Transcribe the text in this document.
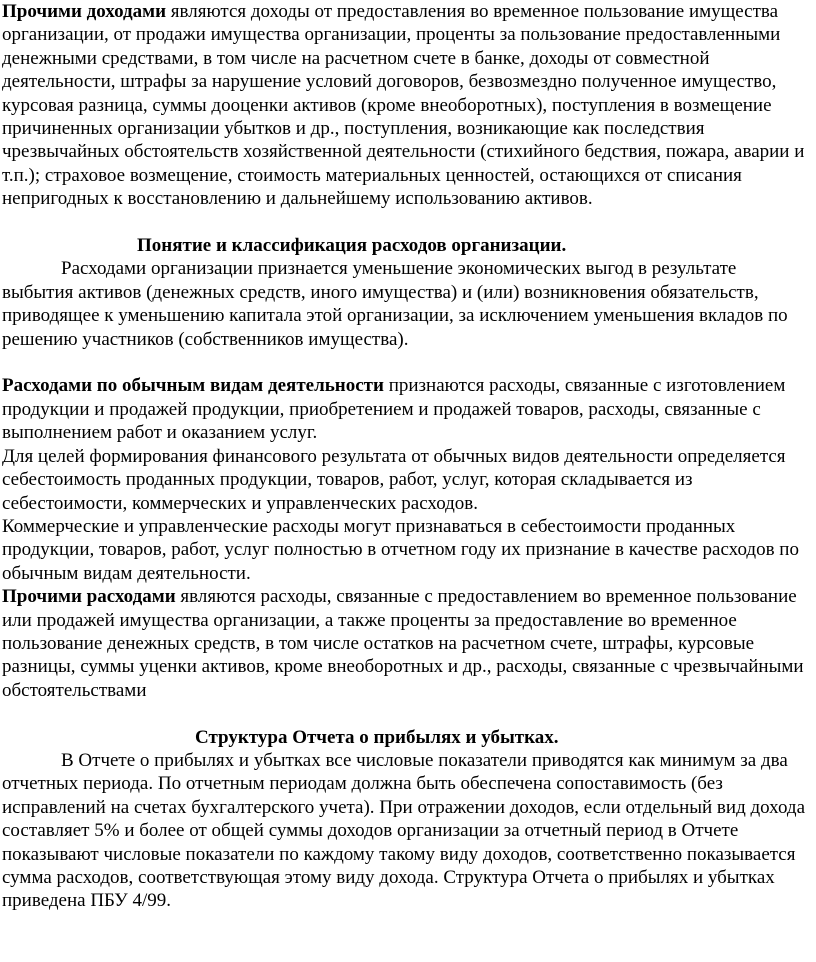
Прочими доходами являются доходы от предоставления во временное пользование имущества организации, от продажи имущества организации, проценты за пользование предоставленными денежными средствами, в том числе на расчетном счете в банке, доходы от совместной деятельности, штрафы за нарушение условий договоров, безвозмездно полученное имущество, курсовая разница, суммы дооценки активов (кроме внеоборотных), поступления в возмещение причиненных организации убытков и др., поступления, возникающие как последствия чрезвычайных обстоятельств хозяйственной деятельности (стихийного бедствия, пожара, аварии и т.п.); страховое возмещение, стоимость материальных ценностей, остающихся от списания непригодных к восстановлению и дальнейшему использованию активов.

Понятие и классификация расходов организации.

Расходами организации признается уменьшение экономических выгод в результате выбытия активов (денежных средств, иного имущества) и (или) возникновения обязательств, приводящее к уменьшению капитала этой организации, за исключением уменьшения вкладов по решению участников (собственников имущества).

Расходами по обычным видам деятельности признаются расходы, связанные с изготовлением продукции и продажей продукции, приобретением и продажей товаров, расходы, связанные с выполнением работ и оказанием услуг.

Для целей формирования финансового результата от обычных видов деятельности определяется себестоимость проданных продукции, товаров, работ, услуг, которая складывается из себестоимости, коммерческих и управленческих расходов.

Коммерческие и управленческие расходы могут признаваться в себестоимости проданных продукции, товаров, работ, услуг полностью в отчетном году их признание в качестве расходов по обычным видам деятельности.

Прочими расходами являются расходы, связанные с предоставлением во временное пользование или продажей имущества организации, а также проценты за предоставление во временное пользование денежных средств, в том числе остатков на расчетном счете, штрафы, курсовые разницы, суммы уценки активов, кроме внеоборотных и др., расходы, связанные с чрезвычайными обстоятельствами

Структура Отчета о прибылях и убытках.

В Отчете о прибылях и убытках все числовые показатели приводятся как минимум за два отчетных периода. По отчетным периодам должна быть обеспечена сопоставимость (без исправлений на счетах бухгалтерского учета). При отражении доходов, если отдельный вид дохода составляет 5% и более от общей суммы доходов организации за отчетный период в Отчете показывают числовые показатели по каждому такому виду доходов, соответственно показывается сумма расходов, соответствующая этому виду дохода. Структура Отчета о прибылях и убытках приведена ПБУ 4/99.
